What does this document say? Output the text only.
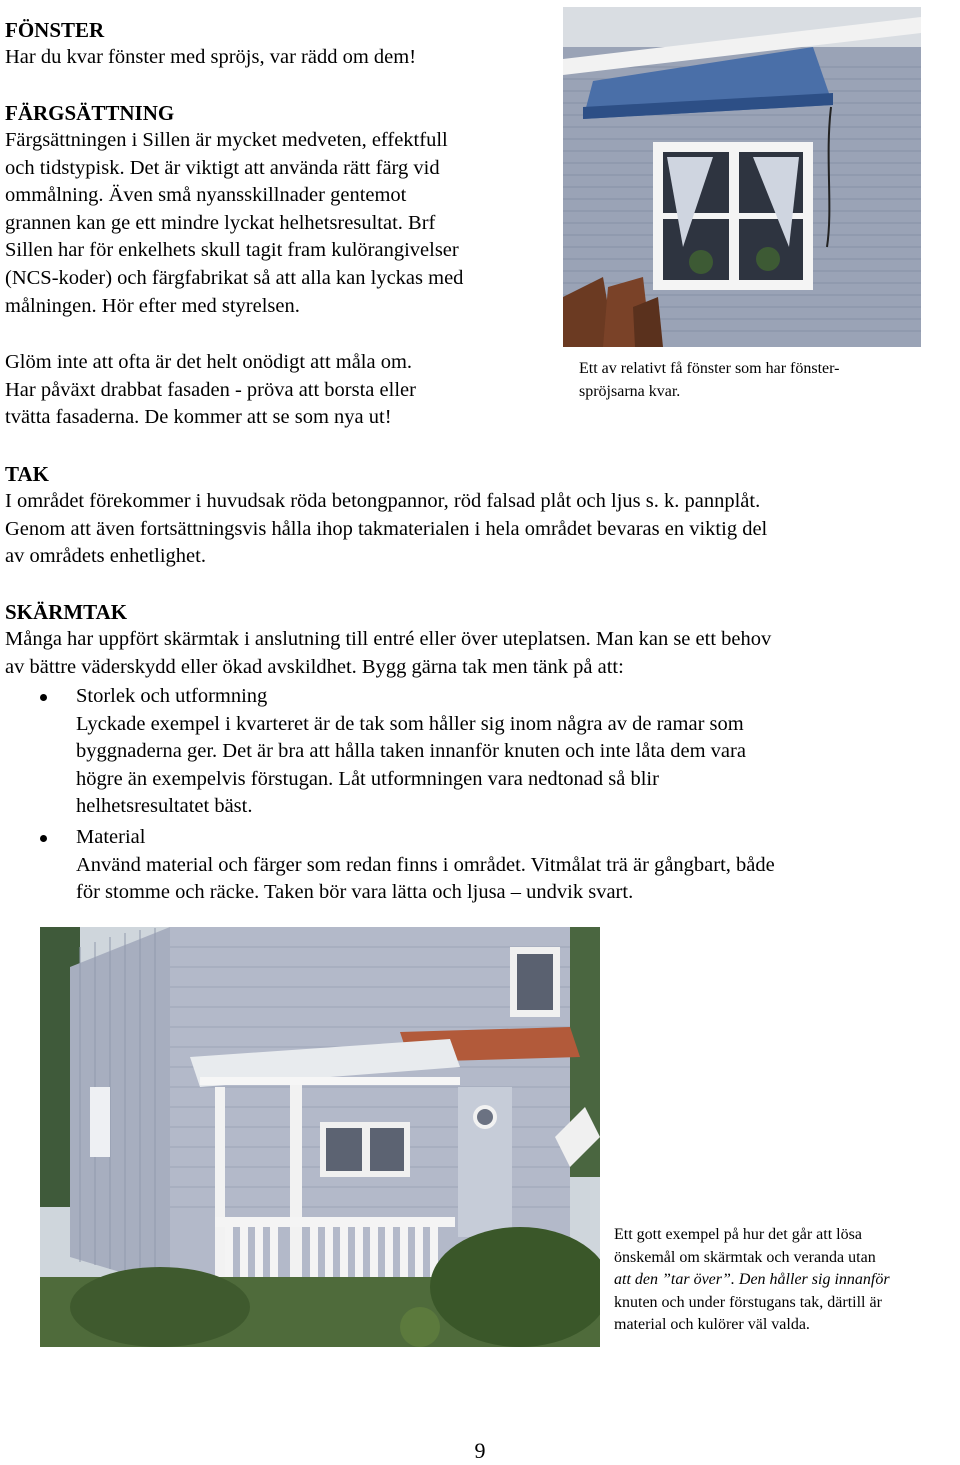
FÖNSTER
Har du kvar fönster med spröjs, var rädd om dem!
FÄRGSÄTTNING
Färgsättningen i Sillen är mycket medveten, effektfull
och tidstypisk. Det är viktigt att använda rätt färg vid
ommålning. Även små nyansskillnader gentemot
grannen kan ge ett mindre lyckat helhetsresultat. Brf
Sillen har för enkelhets skull tagit fram kulörangivelser
(NCS-koder) och färgfabrikat så att alla kan lyckas med
målningen. Hör efter med styrelsen.
Glöm inte att ofta är det helt onödigt att måla om.
Har påväxt drabbat fasaden - pröva att borsta eller
tvätta fasaderna. De kommer att se som nya ut!
Ett av relativt få fönster som har fönster-
spröjsarna kvar.
TAK
I området förekommer i huvudsak röda betongpannor, röd falsad plåt och ljus s. k. pannplåt.
Genom att även fortsättningsvis hålla ihop takmaterialen i hela området bevaras en viktig del
av områdets enhetlighet.
SKÄRMTAK
Många har uppfört skärmtak i anslutning till entré eller över uteplatsen. Man kan se ett behov
av bättre väderskydd eller ökad avskildhet. Bygg gärna tak men tänk på att:
Storlek och utformning
Lyckade exempel i kvarteret är de tak som håller sig inom några av de ramar som
byggnaderna ger. Det är bra att hålla taken innanför knuten och inte låta dem vara
högre än exempelvis förstugan. Låt utformningen vara nedtonad så blir
helhetsresultatet bäst.
Material
Använd material och färger som redan finns i området. Vitmålat trä är gångbart, både
för stomme och räcke. Taken bör vara lätta och ljusa – undvik svart.
Ett gott exempel på hur det går att lösa
önskemål om skärmtak och veranda utan
att den ”tar över”. Den håller sig innanför
knuten och under förstugans tak, därtill är
material och kulörer väl valda.
9
